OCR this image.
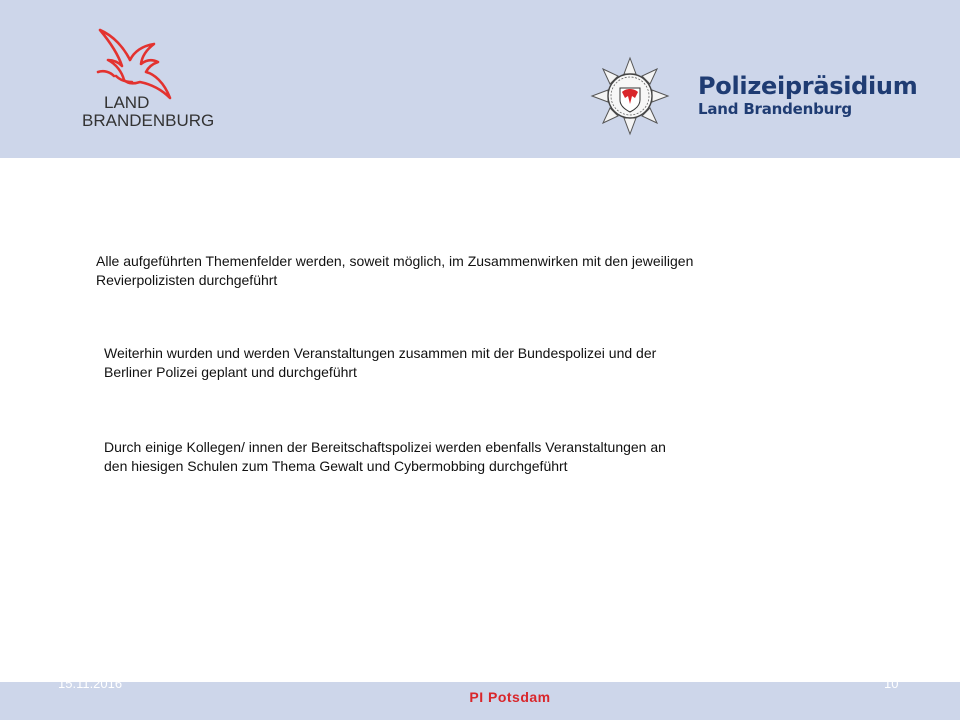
LAND
BRANDENBURG
Polizeipräsidium
Land Brandenburg
Alle aufgeführten Themenfelder werden, soweit möglich, im Zusammenwirken mit den jeweiligen
Revierpolizisten durchgeführt
Weiterhin wurden und werden Veranstaltungen zusammen mit der Bundespolizei und der
Berliner Polizei geplant und durchgeführt
Durch einige Kollegen/ innen der Bereitschaftspolizei werden ebenfalls Veranstaltungen an
den hiesigen Schulen zum Thema Gewalt und Cybermobbing durchgeführt
15.11.2016
PI Potsdam
10
